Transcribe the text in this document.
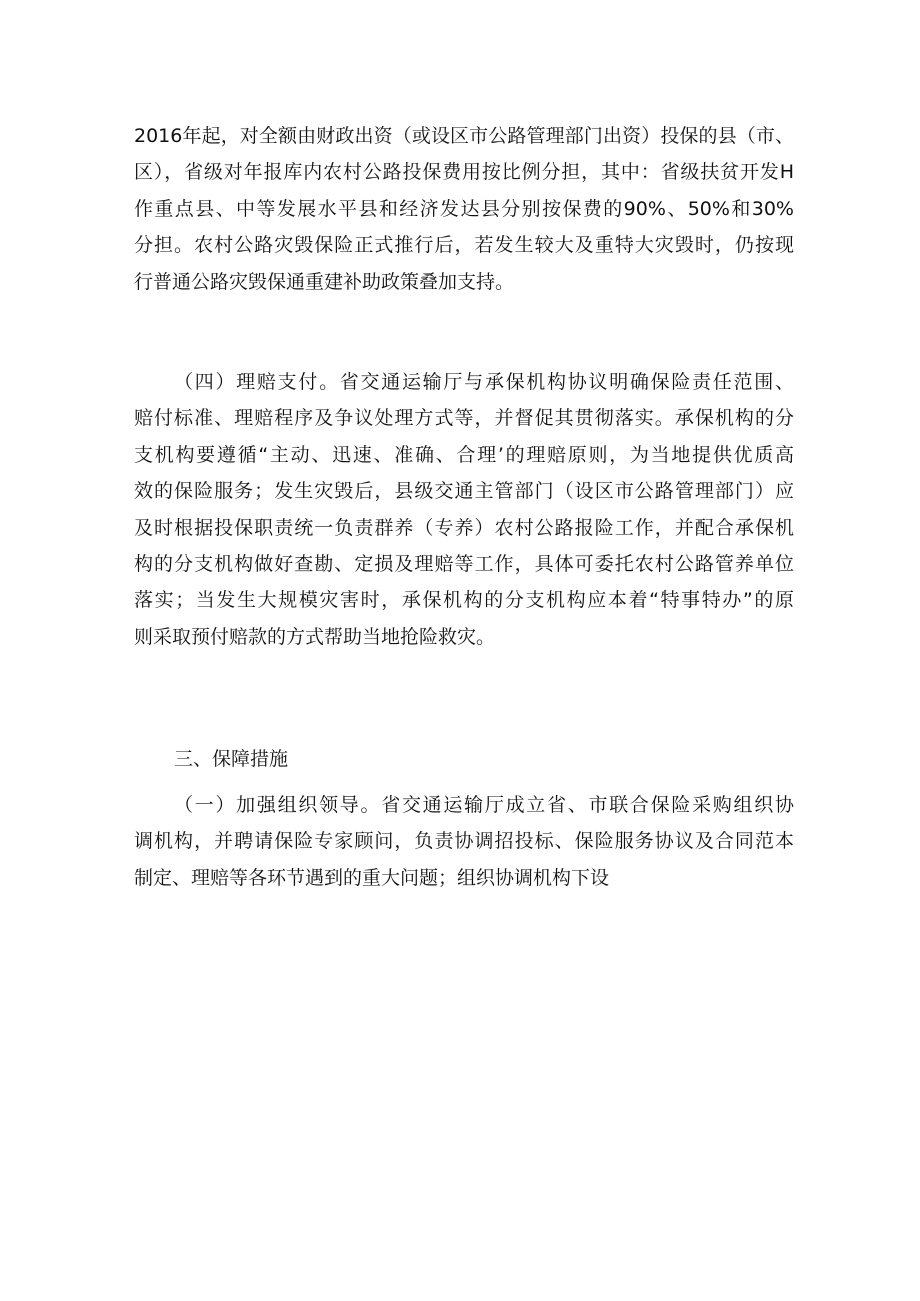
2016年起，对全额由财政出资（或设区市公路管理部门出资）投保的县（市、
区），省级对年报库内农村公路投保费用按比例分担，其中：省级扶贫开发H
作重点县、中等发展水平县和经济发达县分别按保费的90%、50%和30%
分担。农村公路灾毁保险正式推行后，若发生较大及重特大灾毁时，仍按现
行普通公路灾毁保通重建补助政策叠加支持。
（四）理赔支付。省交通运输厅与承保机构协议明确保险责任范围、
赔付标准、理赔程序及争议处理方式等，并督促其贯彻落实。承保机构的分
支机构要遵循“主动、迅速、准确、合理’的理赔原则，为当地提供优质高
效的保险服务；发生灾毁后，县级交通主管部门（设区市公路管理部门）应
及时根据投保职责统一负责群养（专养）农村公路报险工作，并配合承保机
构的分支机构做好查勘、定损及理赔等工作，具体可委托农村公路管养单位
落实；当发生大规模灾害时，承保机构的分支机构应本着“特事特办”的原
则采取预付赔款的方式帮助当地抢险救灾。
三、保障措施
（一）加强组织领导。省交通运输厅成立省、市联合保险采购组织协
调机构，并聘请保险专家顾问，负责协调招投标、保险服务协议及合同范本
制定、理赔等各环节遇到的重大问题；组织协调机构下设
